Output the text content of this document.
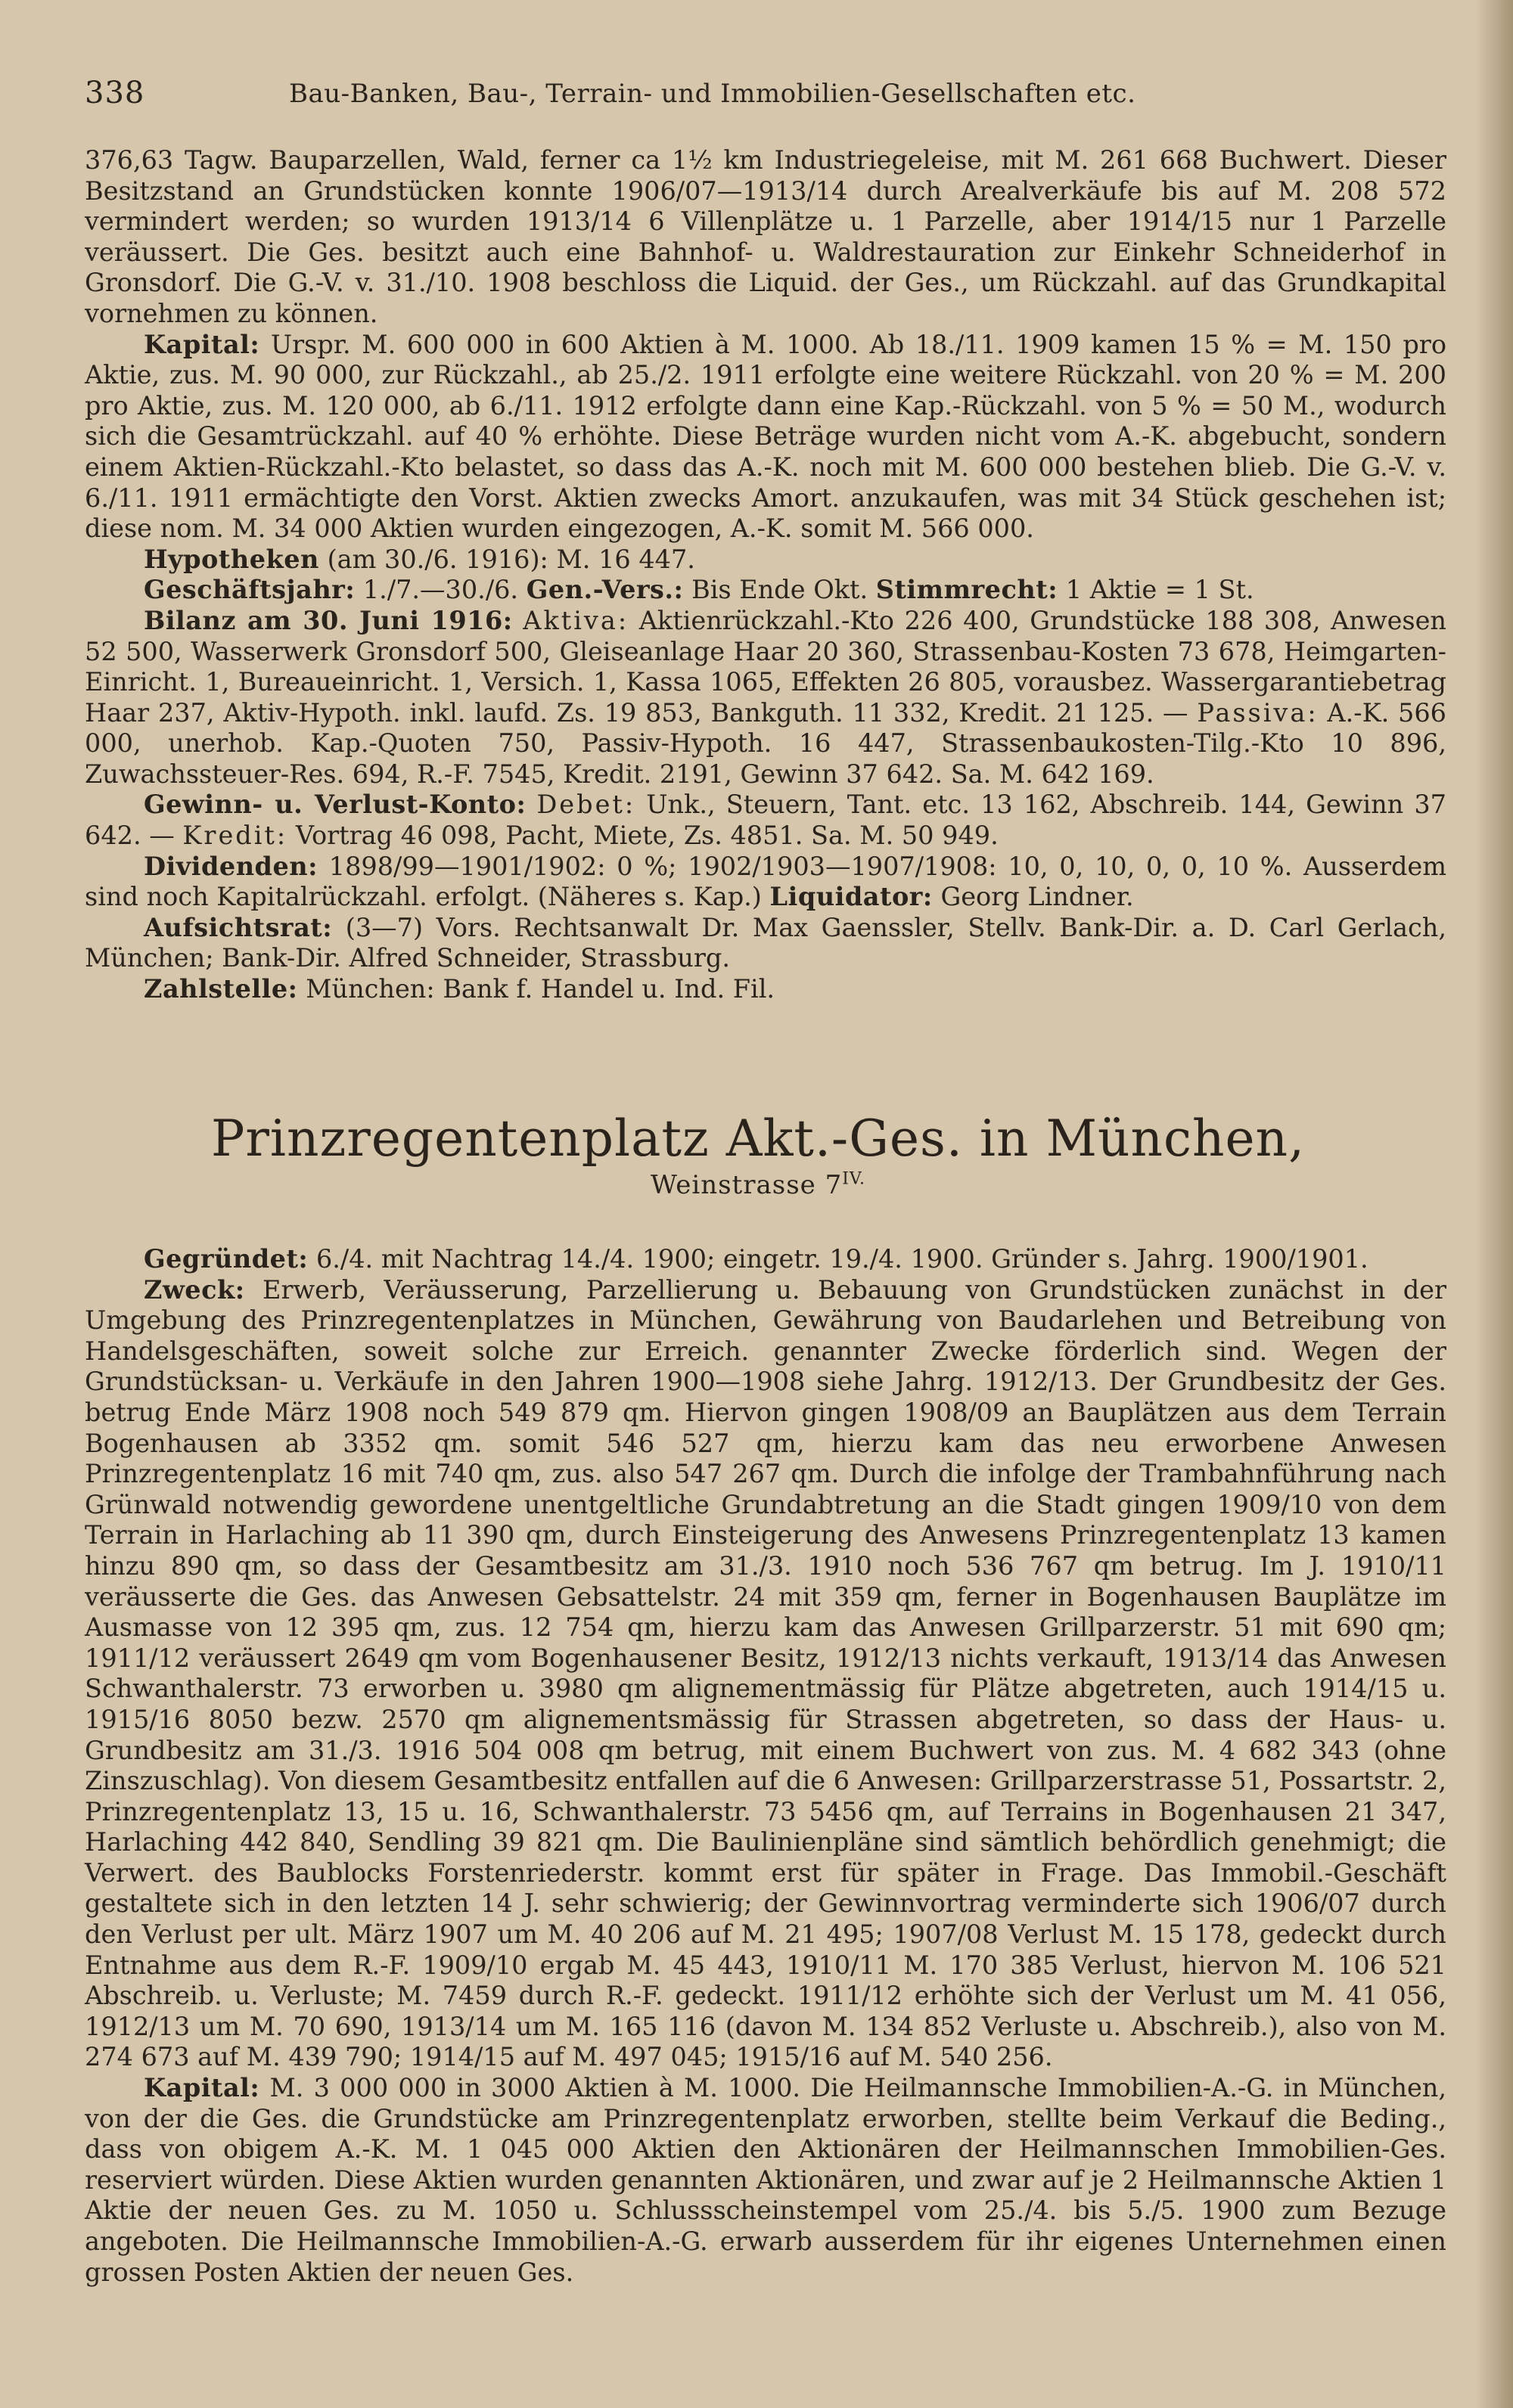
338	Bau-Banken, Bau-, Terrain- und Immobilien-Gesellschaften etc.

376,63 Tagw. Bauparzellen, Wald, ferner ca 1½ km Industriegeleise, mit M. 261 668 Buchwert. Dieser Besitzstand an Grundstücken konnte 1906/07—1913/14 durch Arealverkäufe bis auf M. 208 572 vermindert werden; so wurden 1913/14 6 Villenplätze u. 1 Parzelle, aber 1914/15 nur 1 Parzelle veräussert. Die Ges. besitzt auch eine Bahnhof- u. Waldrestauration zur Einkehr Schneiderhof in Gronsdorf. Die G.-V. v. 31./10. 1908 beschloss die Liquid. der Ges., um Rückzahl. auf das Grundkapital vornehmen zu können.

Kapital: Urspr. M. 600 000 in 600 Aktien à M. 1000. Ab 18./11. 1909 kamen 15 % = M. 150 pro Aktie, zus. M. 90 000, zur Rückzahl., ab 25./2. 1911 erfolgte eine weitere Rückzahl. von 20 % = M. 200 pro Aktie, zus. M. 120 000, ab 6./11. 1912 erfolgte dann eine Kap.-Rückzahl. von 5 % = 50 M., wodurch sich die Gesamtrückzahl. auf 40 % erhöhte. Diese Beträge wurden nicht vom A.-K. abgebucht, sondern einem Aktien-Rückzahl.-Kto belastet, so dass das A.-K. noch mit M. 600 000 bestehen blieb. Die G.-V. v. 6./11. 1911 ermächtigte den Vorst. Aktien zwecks Amort. anzukaufen, was mit 34 Stück geschehen ist; diese nom. M. 34 000 Aktien wurden eingezogen, A.-K. somit M. 566 000.

Hypotheken (am 30./6. 1916): M. 16 447.

Geschäftsjahr: 1./7.—30./6. Gen.-Vers.: Bis Ende Okt. Stimmrecht: 1 Aktie = 1 St.

Bilanz am 30. Juni 1916: Aktiva: Aktienrückzahl.-Kto 226 400, Grundstücke 188 308, Anwesen 52 500, Wasserwerk Gronsdorf 500, Gleiseanlage Haar 20 360, Strassenbau-Kosten 73 678, Heimgarten-Einricht. 1, Bureaueinricht. 1, Versich. 1, Kassa 1065, Effekten 26 805, vorausbez. Wassergarantiebetrag Haar 237, Aktiv-Hypoth. inkl. laufd. Zs. 19 853, Bankguth. 11 332, Kredit. 21 125. — Passiva: A.-K. 566 000, unerhob. Kap.-Quoten 750, Passiv-Hypoth. 16 447, Strassenbaukosten-Tilg.-Kto 10 896, Zuwachssteuer-Res. 694, R.-F. 7545, Kredit. 2191, Gewinn 37 642. Sa. M. 642 169.

Gewinn- u. Verlust-Konto: Debet: Unk., Steuern, Tant. etc. 13 162, Abschreib. 144, Gewinn 37 642. — Kredit: Vortrag 46 098, Pacht, Miete, Zs. 4851. Sa. M. 50 949.

Dividenden: 1898/99—1901/1902: 0 %; 1902/1903—1907/1908: 10, 0, 10, 0, 0, 10 %. Ausserdem sind noch Kapitalrückzahl. erfolgt. (Näheres s. Kap.) Liquidator: Georg Lindner.

Aufsichtsrat: (3—7) Vors. Rechtsanwalt Dr. Max Gaenssler, Stellv. Bank-Dir. a. D. Carl Gerlach, München; Bank-Dir. Alfred Schneider, Strassburg.

Zahlstelle: München: Bank f. Handel u. Ind. Fil.

Prinzregentenplatz Akt.-Ges. in München,
Weinstrasse $7^{IV.}$

Gegründet: 6./4. mit Nachtrag 14./4. 1900; eingetr. 19./4. 1900. Gründer s. Jahrg. 1900/1901.

Zweck: Erwerb, Veräusserung, Parzellierung u. Bebauung von Grundstücken zunächst in der Umgebung des Prinzregentenplatzes in München, Gewährung von Baudarlehen und Betreibung von Handelsgeschäften, soweit solche zur Erreich. genannter Zwecke förderlich sind. Wegen der Grundstücksan- u. Verkäufe in den Jahren 1900—1908 siehe Jahrg. 1912/13. Der Grundbesitz der Ges. betrug Ende März 1908 noch 549 879 qm. Hiervon gingen 1908/09 an Bauplätzen aus dem Terrain Bogenhausen ab 3352 qm. somit 546 527 qm, hierzu kam das neu erworbene Anwesen Prinzregentenplatz 16 mit 740 qm, zus. also 547 267 qm. Durch die infolge der Trambahnführung nach Grünwald notwendig gewordene unentgeltliche Grundabtretung an die Stadt gingen 1909/10 von dem Terrain in Harlaching ab 11 390 qm, durch Einsteigerung des Anwesens Prinzregentenplatz 13 kamen hinzu 890 qm, so dass der Gesamtbesitz am 31./3. 1910 noch 536 767 qm betrug. Im J. 1910/11 veräusserte die Ges. das Anwesen Gebsattelstr. 24 mit 359 qm, ferner in Bogenhausen Bauplätze im Ausmasse von 12 395 qm, zus. 12 754 qm, hierzu kam das Anwesen Grillparzerstr. 51 mit 690 qm; 1911/12 veräussert 2649 qm vom Bogenhausener Besitz, 1912/13 nichts verkauft, 1913/14 das Anwesen Schwanthalerstr. 73 erworben u. 3980 qm alignementmässig für Plätze abgetreten, auch 1914/15 u. 1915/16 8050 bezw. 2570 qm alignementsmässig für Strassen abgetreten, so dass der Haus- u. Grundbesitz am 31./3. 1916 504 008 qm betrug, mit einem Buchwert von zus. M. 4 682 343 (ohne Zinszuschlag). Von diesem Gesamtbesitz entfallen auf die 6 Anwesen: Grillparzerstrasse 51, Possartstr. 2, Prinzregentenplatz 13, 15 u. 16, Schwanthalerstr. 73 5456 qm, auf Terrains in Bogenhausen 21 347, Harlaching 442 840, Sendling 39 821 qm. Die Baulinienpläne sind sämtlich behördlich genehmigt; die Verwert. des Baublocks Forstenriederstr. kommt erst für später in Frage. Das Immobil.-Geschäft gestaltete sich in den letzten 14 J. sehr schwierig; der Gewinnvortrag verminderte sich 1906/07 durch den Verlust per ult. März 1907 um M. 40 206 auf M. 21 495; 1907/08 Verlust M. 15 178, gedeckt durch Entnahme aus dem R.-F. 1909/10 ergab M. 45 443, 1910/11 M. 170 385 Verlust, hiervon M. 106 521 Abschreib. u. Verluste; M. 7459 durch R.-F. gedeckt. 1911/12 erhöhte sich der Verlust um M. 41 056, 1912/13 um M. 70 690, 1913/14 um M. 165 116 (davon M. 134 852 Verluste u. Abschreib.), also von M. 274 673 auf M. 439 790; 1914/15 auf M. 497 045; 1915/16 auf M. 540 256.

Kapital: M. 3 000 000 in 3000 Aktien à M. 1000. Die Heilmannsche Immobilien-A.-G. in München, von der die Ges. die Grundstücke am Prinzregentenplatz erworben, stellte beim Verkauf die Beding., dass von obigem A.-K. M. 1 045 000 Aktien den Aktionären der Heilmannschen Immobilien-Ges. reserviert würden. Diese Aktien wurden genannten Aktionären, und zwar auf je 2 Heilmannsche Aktien 1 Aktie der neuen Ges. zu M. 1050 u. Schlussscheinstempel vom 25./4. bis 5./5. 1900 zum Bezuge angeboten. Die Heilmannsche Immobilien-A.-G. erwarb ausserdem für ihr eigenes Unternehmen einen grossen Posten Aktien der neuen Ges.
